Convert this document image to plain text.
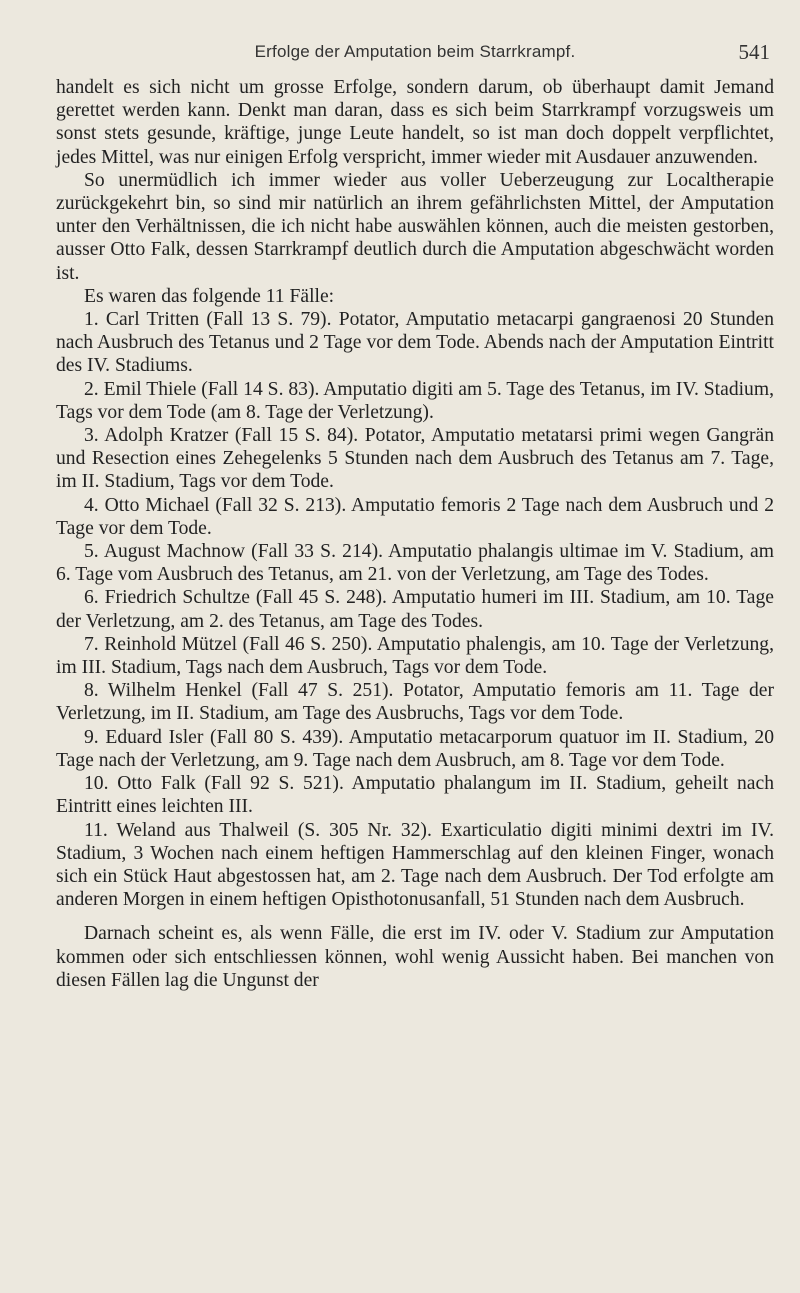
Erfolge der Amputation beim Starrkrampf.	541

handelt es sich nicht um grosse Erfolge, sondern darum, ob überhaupt damit Jemand gerettet werden kann. Denkt man daran, dass es sich beim Starrkrampf vorzugsweis um sonst stets gesunde, kräftige, junge Leute handelt, so ist man doch doppelt verpflichtet, jedes Mittel, was nur einigen Erfolg verspricht, immer wieder mit Ausdauer anzuwenden.

So unermüdlich ich immer wieder aus voller Ueberzeugung zur Localtherapie zurückgekehrt bin, so sind mir natürlich an ihrem gefährlichsten Mittel, der Amputation unter den Verhältnissen, die ich nicht habe auswählen können, auch die meisten gestorben, ausser Otto Falk, dessen Starrkrampf deutlich durch die Amputation abgeschwächt worden ist.

Es waren das folgende 11 Fälle:

1. Carl Tritten (Fall 13 S. 79). Potator, Amputatio metacarpi gangraenosi 20 Stunden nach Ausbruch des Tetanus und 2 Tage vor dem Tode. Abends nach der Amputation Eintritt des IV. Stadiums.
2. Emil Thiele (Fall 14 S. 83). Amputatio digiti am 5. Tage des Tetanus, im IV. Stadium, Tags vor dem Tode (am 8. Tage der Verletzung).
3. Adolph Kratzer (Fall 15 S. 84). Potator, Amputatio metatarsi primi wegen Gangrän und Resection eines Zehegelenks 5 Stunden nach dem Ausbruch des Tetanus am 7. Tage, im II. Stadium, Tags vor dem Tode.
4. Otto Michael (Fall 32 S. 213). Amputatio femoris 2 Tage nach dem Ausbruch und 2 Tage vor dem Tode.
5. August Machnow (Fall 33 S. 214). Amputatio phalangis ultimae im V. Stadium, am 6. Tage vom Ausbruch des Tetanus, am 21. von der Verletzung, am Tage des Todes.
6. Friedrich Schultze (Fall 45 S. 248). Amputatio humeri im III. Stadium, am 10. Tage der Verletzung, am 2. des Tetanus, am Tage des Todes.
7. Reinhold Mützel (Fall 46 S. 250). Amputatio phalengis, am 10. Tage der Verletzung, im III. Stadium, Tags nach dem Ausbruch, Tags vor dem Tode.
8. Wilhelm Henkel (Fall 47 S. 251). Potator, Amputatio femoris am 11. Tage der Verletzung, im II. Stadium, am Tage des Ausbruchs, Tags vor dem Tode.
9. Eduard Isler (Fall 80 S. 439). Amputatio metacarporum quatuor im II. Stadium, 20 Tage nach der Verletzung, am 9. Tage nach dem Ausbruch, am 8. Tage vor dem Tode.
10. Otto Falk (Fall 92 S. 521). Amputatio phalangum im II. Stadium, geheilt nach Eintritt eines leichten III.
11. Weland aus Thalweil (S. 305 Nr. 32). Exarticulatio digiti minimi dextri im IV. Stadium, 3 Wochen nach einem heftigen Hammerschlag auf den kleinen Finger, wonach sich ein Stück Haut abgestossen hat, am 2. Tage nach dem Ausbruch. Der Tod erfolgte am anderen Morgen in einem heftigen Opisthotonusanfall, 51 Stunden nach dem Ausbruch.

Darnach scheint es, als wenn Fälle, die erst im IV. oder V. Stadium zur Amputation kommen oder sich entschliessen können, wohl wenig Aussicht haben. Bei manchen von diesen Fällen lag die Ungunst der
